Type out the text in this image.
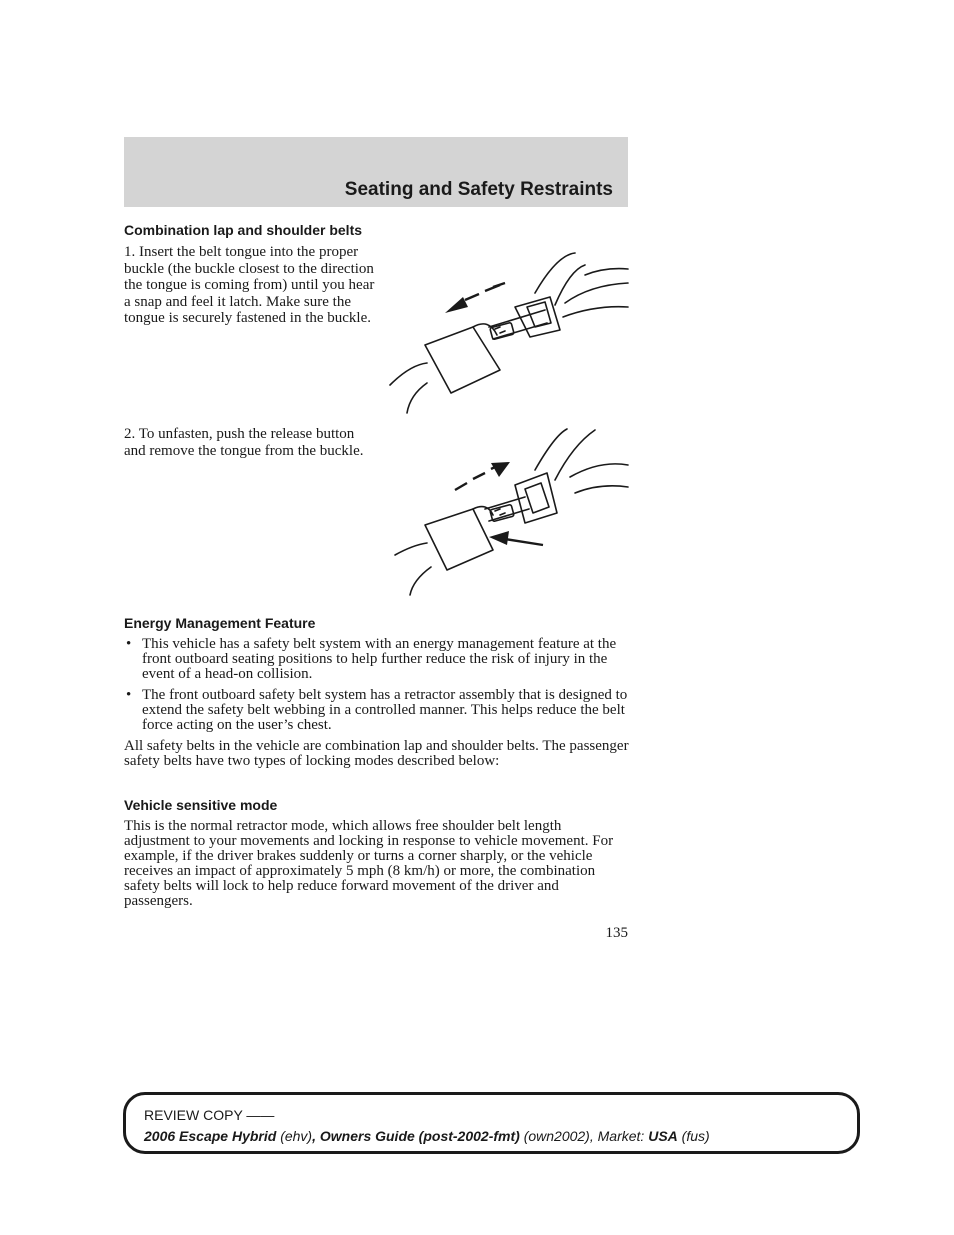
Seating and Safety Restraints
Combination lap and shoulder belts

1. Insert the belt tongue into the proper buckle (the buckle closest to the direction the tongue is coming from) until you hear a snap and feel it latch. Make sure the tongue is securely fastened in the buckle.

2. To unfasten, push the release button and remove the tongue from the buckle.

Energy Management Feature
• This vehicle has a safety belt system with an energy management feature at the front outboard seating positions to help further reduce the risk of injury in the event of a head-on collision.
• The front outboard safety belt system has a retractor assembly that is designed to extend the safety belt webbing in a controlled manner. This helps reduce the belt force acting on the user’s chest.

All safety belts in the vehicle are combination lap and shoulder belts. The passenger safety belts have two types of locking modes described below:

Vehicle sensitive mode

This is the normal retractor mode, which allows free shoulder belt length adjustment to your movements and locking in response to vehicle movement. For example, if the driver brakes suddenly or turns a corner sharply, or the vehicle receives an impact of approximately 5 mph (8 km/h) or more, the combination safety belts will lock to help reduce forward movement of the driver and passengers.

135
REVIEW COPY ——
2006 Escape Hybrid (ehv), Owners Guide (post-2002-fmt) (own2002), Market: USA (fus)
